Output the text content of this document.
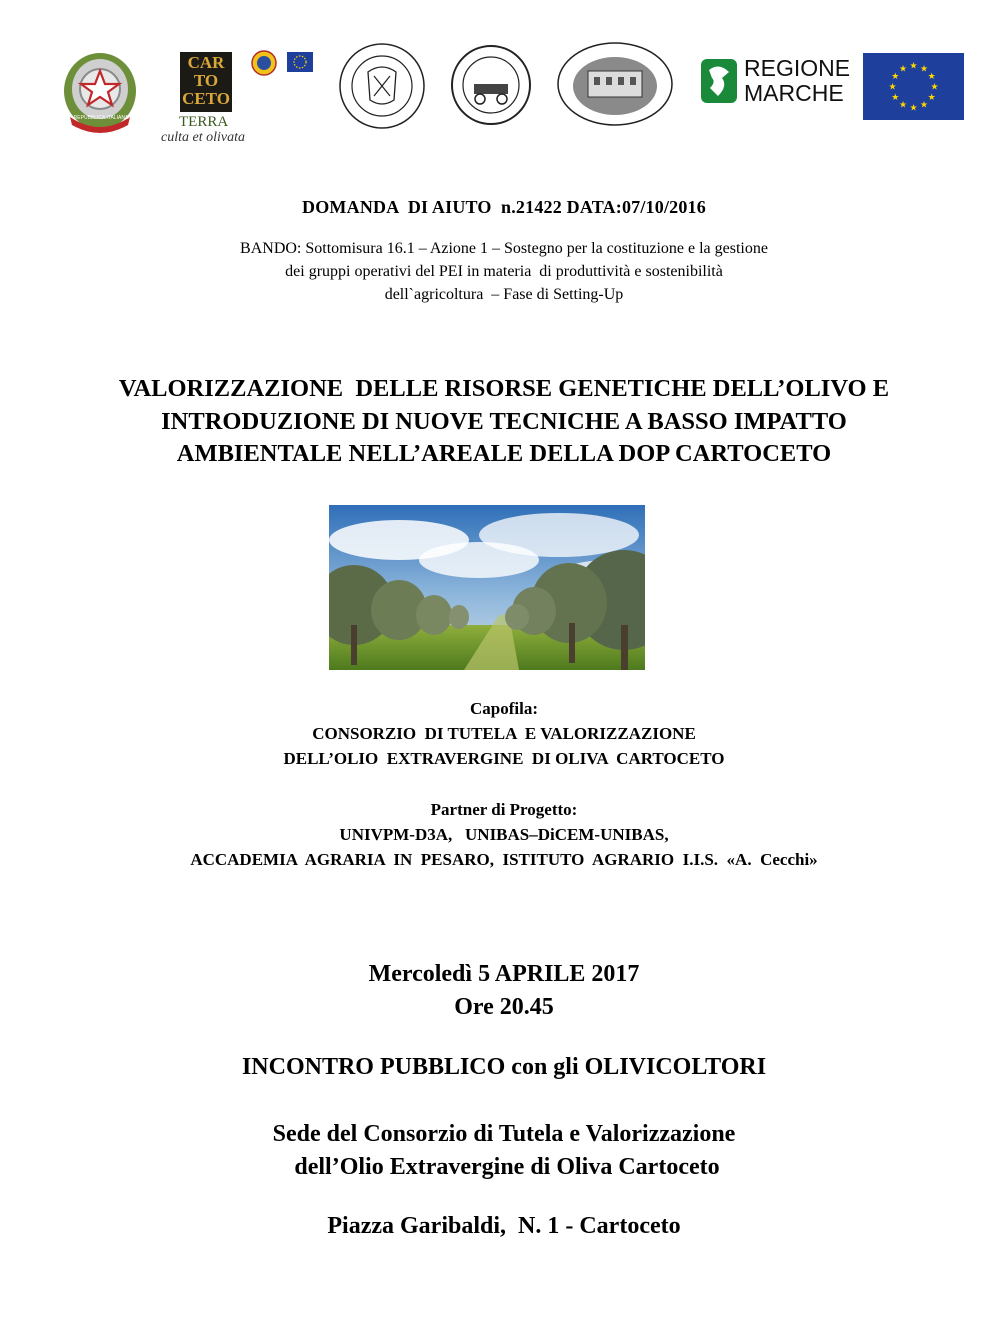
REPUBBLICA ITALIANA
CAR
TO
CETO
TERRA
culta et olivata
REGIONE
MARCHE
★ ★
★
★
★
★
★
★
★
★
★
★
DOMANDA  DI AIUTO  n.21422 DATA:07/10/2016
BANDO: Sottomisura 16.1 – Azione 1 – Sostegno per la costituzione e la gestione
dei gruppi operativi del PEI in materia  di produttività e sostenibilità
dell`agricoltura  – Fase di Setting-Up
VALORIZZAZIONE  DELLE RISORSE GENETICHE DELL’OLIVO E
INTRODUZIONE DI NUOVE TECNICHE A BASSO IMPATTO
AMBIENTALE NELL’AREALE DELLA DOP CARTOCETO
Capofila:
CONSORZIO  DI TUTELA  E VALORIZZAZIONE
DELL’OLIO  EXTRAVERGINE  DI OLIVA  CARTOCETO
Partner di Progetto:
UNIVPM-D3A,   UNIBAS–DiCEM-UNIBAS,
ACCADEMIA  AGRARIA  IN  PESARO,  ISTITUTO  AGRARIO  I.I.S.  «A.  Cecchi»
Mercoledì 5 APRILE 2017
Ore 20.45
INCONTRO PUBBLICO con gli OLIVICOLTORI
Sede del Consorzio di Tutela e Valorizzazione
dell’Olio Extravergine di Oliva Cartoceto
Piazza Garibaldi,  N. 1 - Cartoceto
